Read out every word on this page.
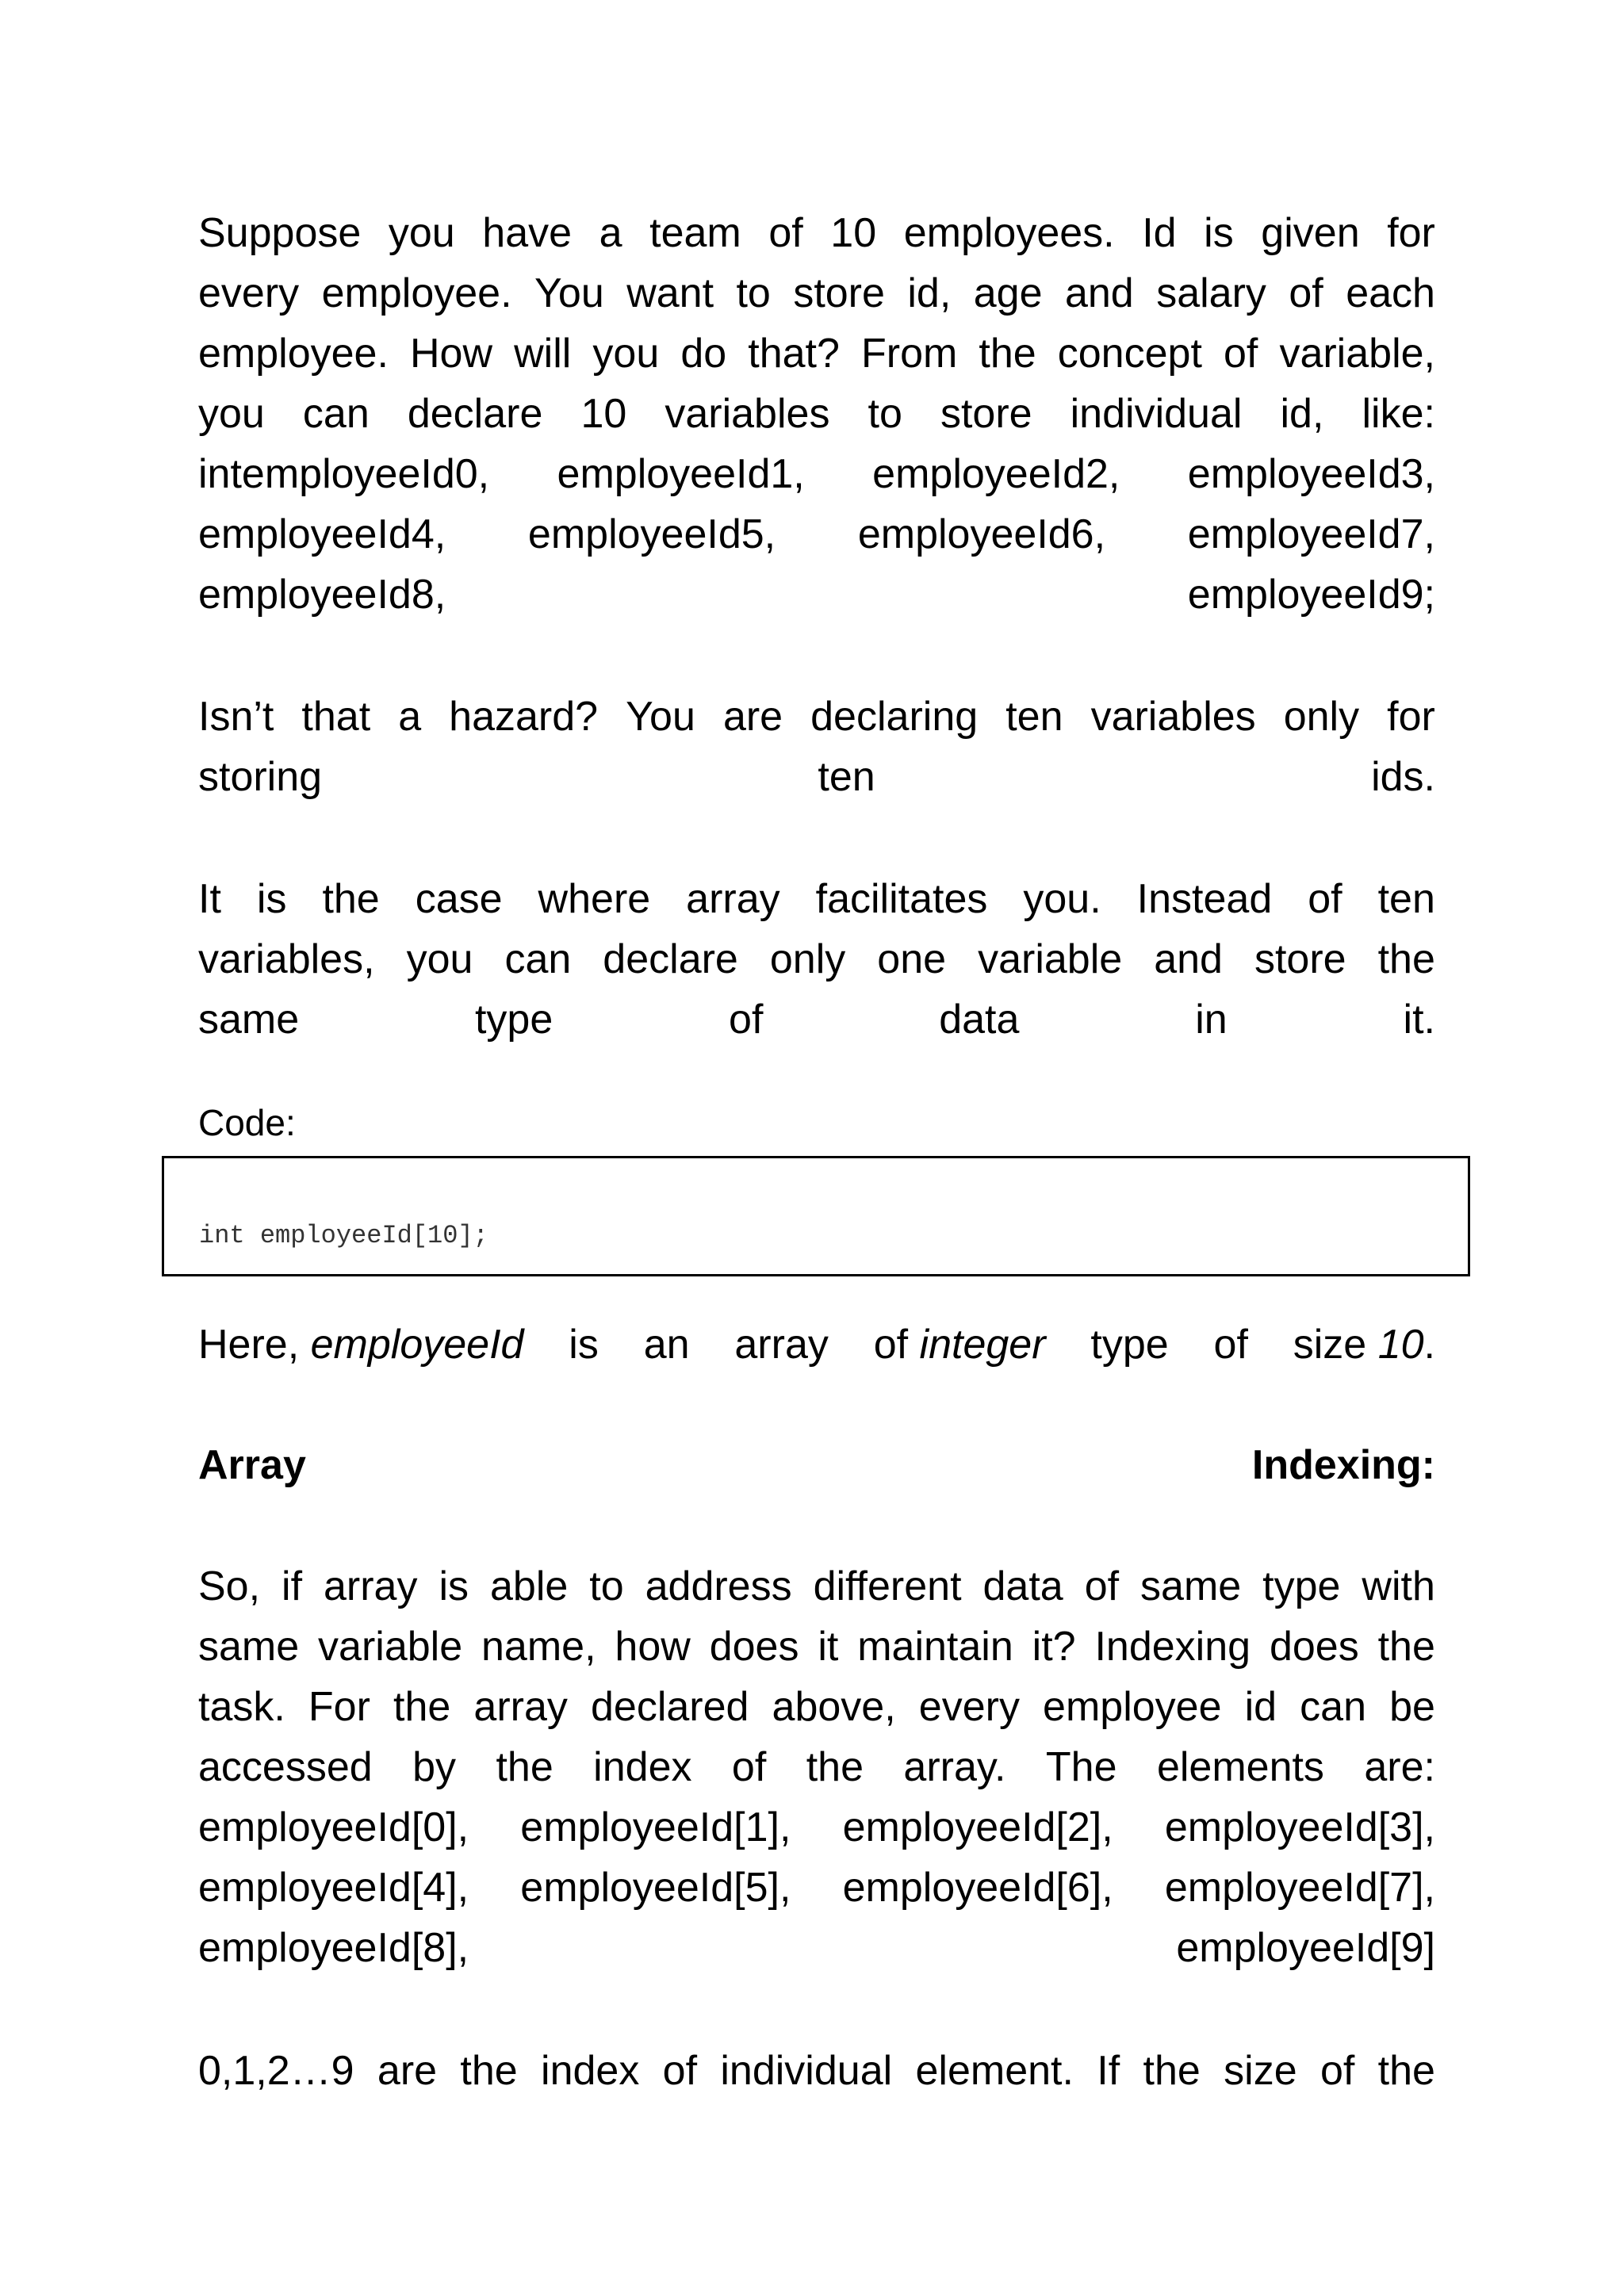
Suppose you have a team of 10 employees. Id is given for
every employee. You want to store id, age and salary of each
employee. How will you do that? From the concept of variable,
you can declare 10 variables to store individual id, like:
intemployeeId0, employeeId1, employeeId2, employeeId3,
employeeId4, employeeId5, employeeId6, employeeId7,
employeeId8,	employeeId9;
Isn’t that a hazard? You are declaring ten variables only for
storing	ten	ids.
It is the case where array facilitates you. Instead of ten
variables, you can declare only one variable and store the
same	type	of	data	in	it.
Code:
int employeeId[10];
Here, employeeId is an array of integer type of size 10.
Array	Indexing:
So, if array is able to address different data of same type with
same variable name, how does it maintain it? Indexing does the
task. For the array declared above, every employee id can be
accessed by the index of the array. The elements are:
employeeId[0], employeeId[1], employeeId[2], employeeId[3],
employeeId[4], employeeId[5], employeeId[6], employeeId[7],
employeeId[8],	employeeId[9]
0,1,2…9 are the index of individual element. If the size of the
